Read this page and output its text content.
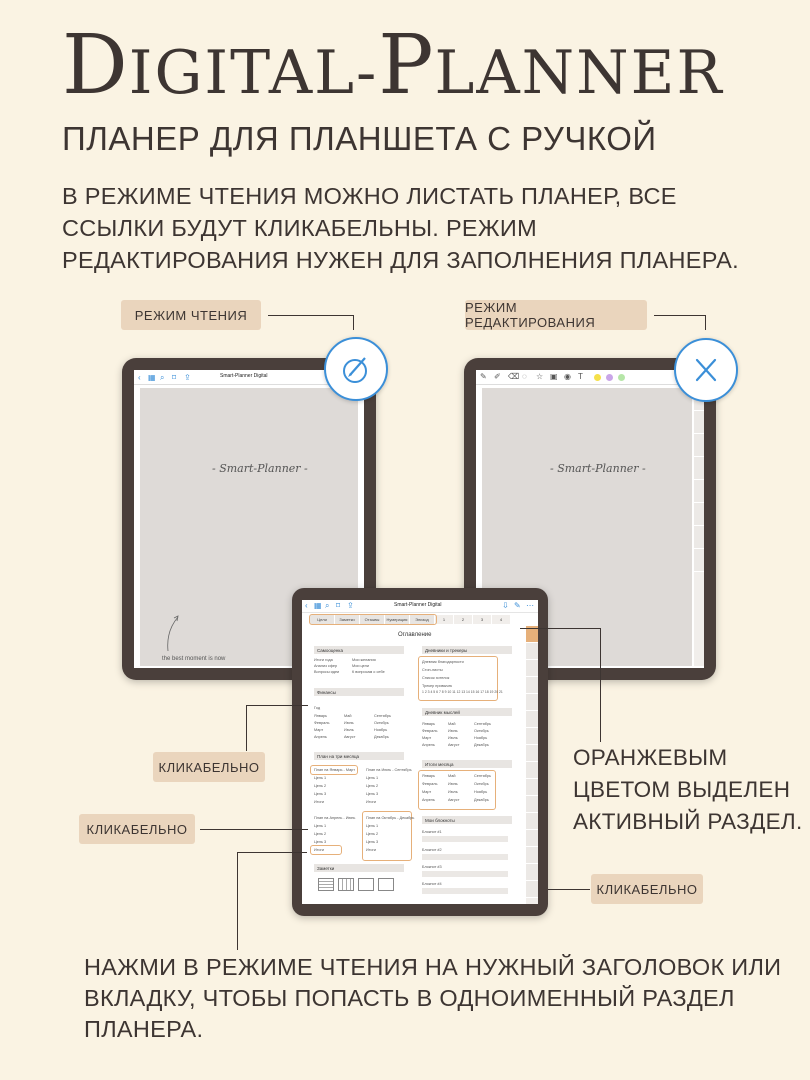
DIGITAL-PLANNER
ПЛАНЕР ДЛЯ ПЛАНШЕТА С РУЧКОЙ
В РЕЖИМЕ ЧТЕНИЯ МОЖНО ЛИСТАТЬ ПЛАНЕР, ВСЕ ССЫЛКИ БУДУТ КЛИКАБЕЛЬНЫ. РЕЖИМ РЕДАКТИРОВАНИЯ НУЖЕН ДЛЯ ЗАПОЛНЕНИЯ ПЛАНЕРА.
РЕЖИМ ЧТЕНИЯ	РЕЖИМ РЕДАКТИРОВАНИЯ
‹ ▦ ⌕ ⌑ ⇪	Smart-Planner Digital
- Smart-Planner -
the best moment is now
✎ ✐ ⌫ ◌ ☆ ▣ ◉ T
- Smart-Planner -
‹ ▦ ⌕ ⌑ ⇪	Smart-Planner Digital	⇩ ✎ ⋯
Цели	Заметки	Отзывы	Нумерация	Эпизод	1	2	3	4
Оглавление
Самооценка
Итоги года	Мои желания
Анализ сфер	Мои цели
Вопросы идеи	К вопросам о себе
Финансы
Год
Январь	Май	Сентябрь
Февраль	Июнь	Октябрь
Март	Июль	Ноябрь
Апрель	Август	Декабрь
План на три месяца
План на Январь - Март	План на Июль - Сентябрь
Цель 1	Цель 1
Цель 2	Цель 2
Цель 3	Цель 3
Итоги	Итоги
План на Апрель - Июнь	План на Октябрь - Декабрь
Цель 1	Цель 1
Цель 2	Цель 2
Цель 3	Цель 3
Итоги	Итоги
Заметки
Дневники и трекеры
Дневник благодарности
Стоп-листы
Список хотелок
Трекер привычек
1 2 3 4 5 6 7 8 9 10 11 12 13 14 15 16 17 18 19 20 21
Дневник мыслей
Январь	Май	Сентябрь
Февраль	Июнь	Октябрь
Март	Июль	Ноябрь
Апрель	Август	Декабрь
Итоги месяца
Январь	Май	Сентябрь
Февраль	Июнь	Октябрь
Март	Июль	Ноябрь
Апрель	Август	Декабрь
Мои блокноты
Блокнот #1
Блокнот #2
Блокнот #3
Блокнот #4
КЛИКАБЕЛЬНО
КЛИКАБЕЛЬНО
ОРАНЖЕВЫМ ЦВЕТОМ ВЫДЕЛЕН АКТИВНЫЙ РАЗДЕЛ.
КЛИКАБЕЛЬНО
НАЖМИ В РЕЖИМЕ ЧТЕНИЯ НА НУЖНЫЙ ЗАГОЛОВОК ИЛИ ВКЛАДКУ, ЧТОБЫ ПОПАСТЬ В ОДНОИМЕННЫЙ РАЗДЕЛ ПЛАНЕРА.
